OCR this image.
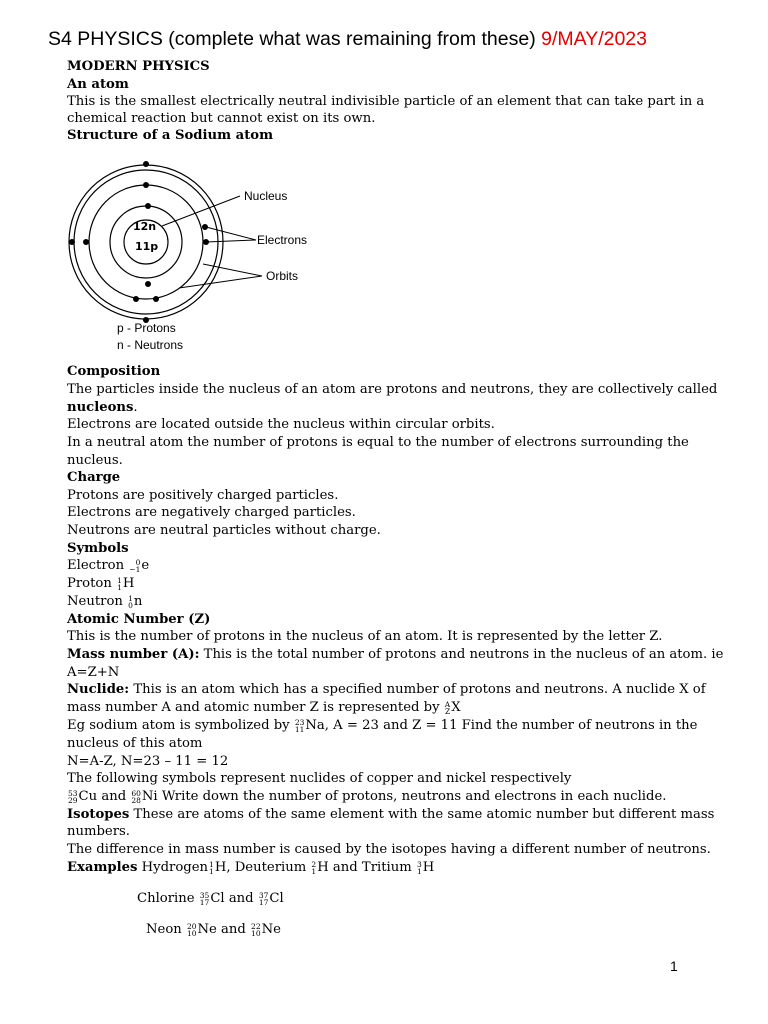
S4 PHYSICS (complete what was remaining from these) 9/MAY/2023
MODERN PHYSICS
An atom
This is the smallest electrically neutral indivisible particle of an element that can take part in a
chemical reaction but cannot exist on its own.
Structure of a Sodium atom
Composition
The particles inside the nucleus of an atom are protons and neutrons, they are collectively called
nucleons.
Electrons are located outside the nucleus within circular orbits.
In a neutral atom the number of protons is equal to the number of electrons surrounding the
nucleus.
Charge
Protons are positively charged particles.
Electrons are negatively charged particles.
Neutrons are neutral particles without charge.
Symbols
Electron	0
−1 e
Proton 1
1 H
Neutron 1
0 n
Atomic Number (Z)
This is the number of protons in the nucleus of an atom. It is represented by the letter Z.
Mass number (A): This is the total number of protons and neutrons in the nucleus of an atom. ie
A=Z+N
Nuclide: This is an atom which has a specified number of protons and neutrons. A nuclide X of
mass number A and atomic number Z is represented by A
Z X
Eg sodium atom is symbolized by 23
11 Na, A = 23 and Z = 11 Find the number of neutrons in the
nucleus of this atom
N=A-Z, N=23 – 11 = 12
The following symbols represent nuclides of copper and nickel respectively
53
29 Cu and 60
28 Ni Write down the number of protons, neutrons and electrons in each nuclide.
Isotopes These are atoms of the same element with the same atomic number but different mass
numbers.
The difference in mass number is caused by the isotopes having a different number of neutrons.
Examples Hydrogen 1
1 H, Deuterium 2
1 H and Tritium 3
1 H
Chlorine 35
17 Cl and 37
17 Cl
Neon 20
10 Ne and 22
10 Ne
12n
11p
Nucleus
Electrons
Orbits
p - Protons
n - Neutrons
1
